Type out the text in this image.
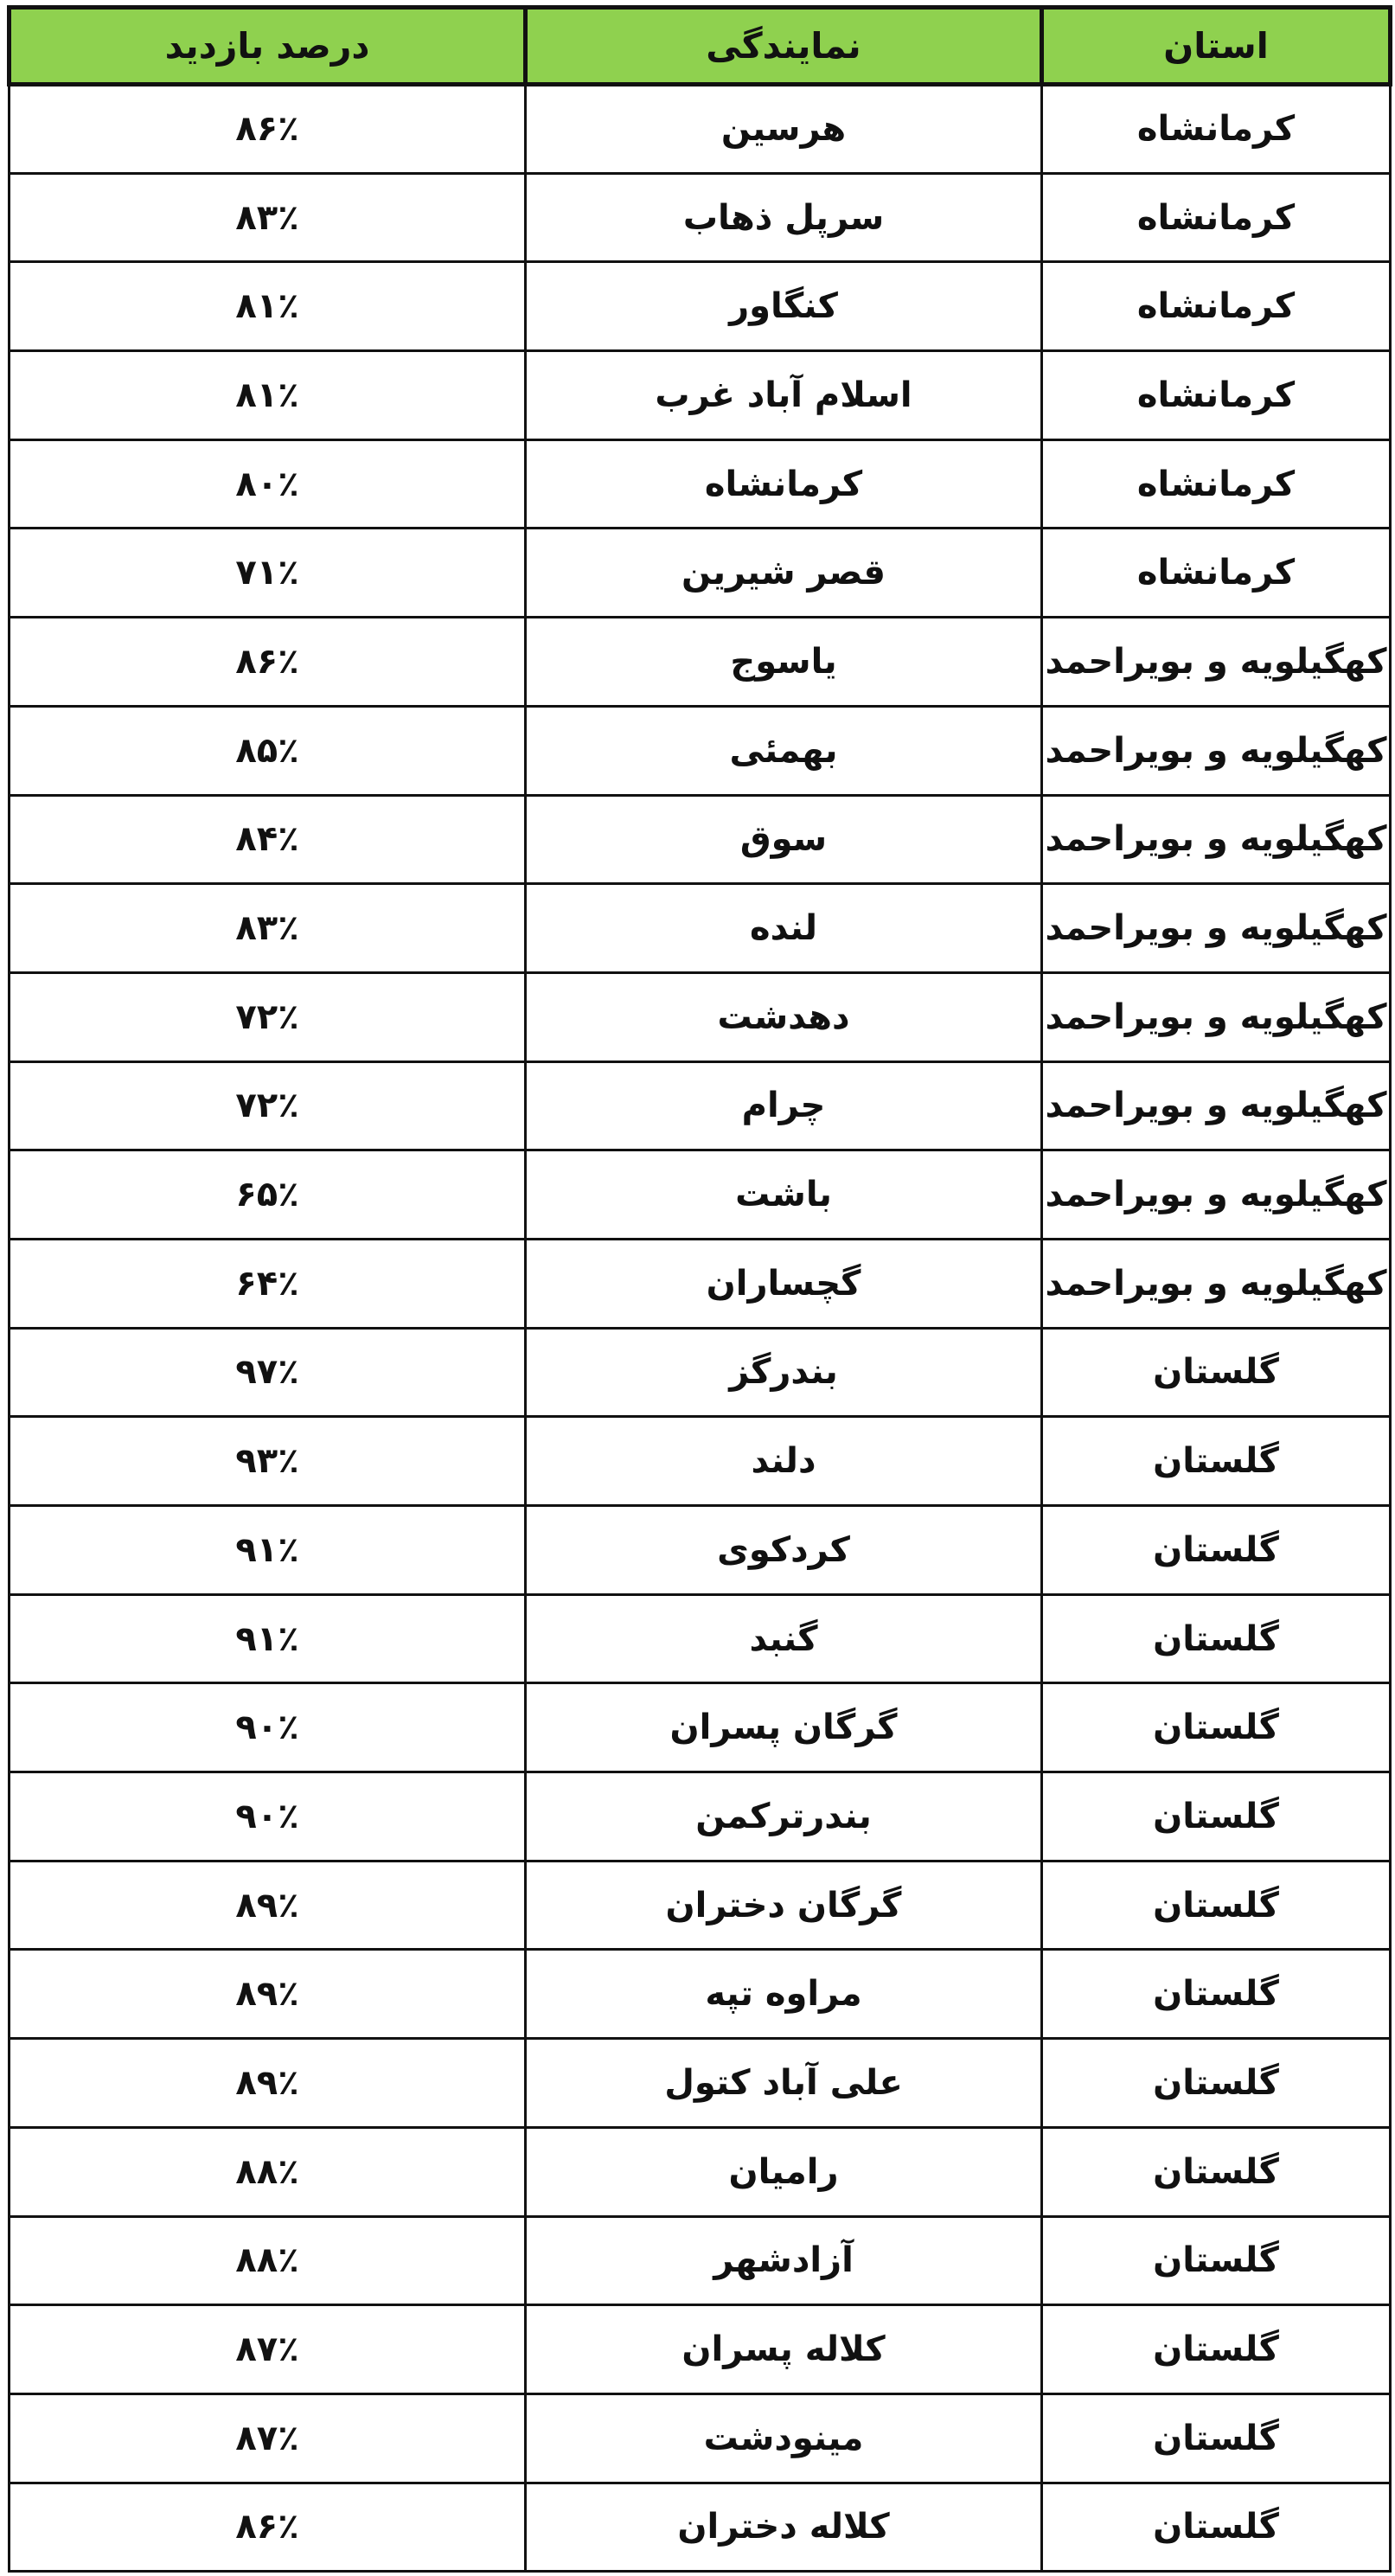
استان	نمایندگی	درصد بازدید
کرمانشاه	هرسین	۸۶٪
کرمانشاه	سرپل ذهاب	۸۳٪
کرمانشاه	کنگاور	۸۱٪
کرمانشاه	اسلام آباد غرب	۸۱٪
کرمانشاه	کرمانشاه	۸۰٪
کرمانشاه	قصر شیرین	۷۱٪
کهگیلویه و بویراحمد	یاسوج	۸۶٪
کهگیلویه و بویراحمد	بهمئی	۸۵٪
کهگیلویه و بویراحمد	سوق	۸۴٪
کهگیلویه و بویراحمد	لنده	۸۳٪
کهگیلویه و بویراحمد	دهدشت	۷۲٪
کهگیلویه و بویراحمد	چرام	۷۲٪
کهگیلویه و بویراحمد	باشت	۶۵٪
کهگیلویه و بویراحمد	گچساران	۶۴٪
گلستان	بندرگز	۹۷٪
گلستان	دلند	۹۳٪
گلستان	کردکوی	۹۱٪
گلستان	گنبد	۹۱٪
گلستان	گرگان پسران	۹۰٪
گلستان	بندرترکمن	۹۰٪
گلستان	گرگان دختران	۸۹٪
گلستان	مراوه تپه	۸۹٪
گلستان	علی آباد کتول	۸۹٪
گلستان	رامیان	۸۸٪
گلستان	آزادشهر	۸۸٪
گلستان	کلاله پسران	۸۷٪
گلستان	مینودشت	۸۷٪
گلستان	کلاله دختران	۸۶٪
